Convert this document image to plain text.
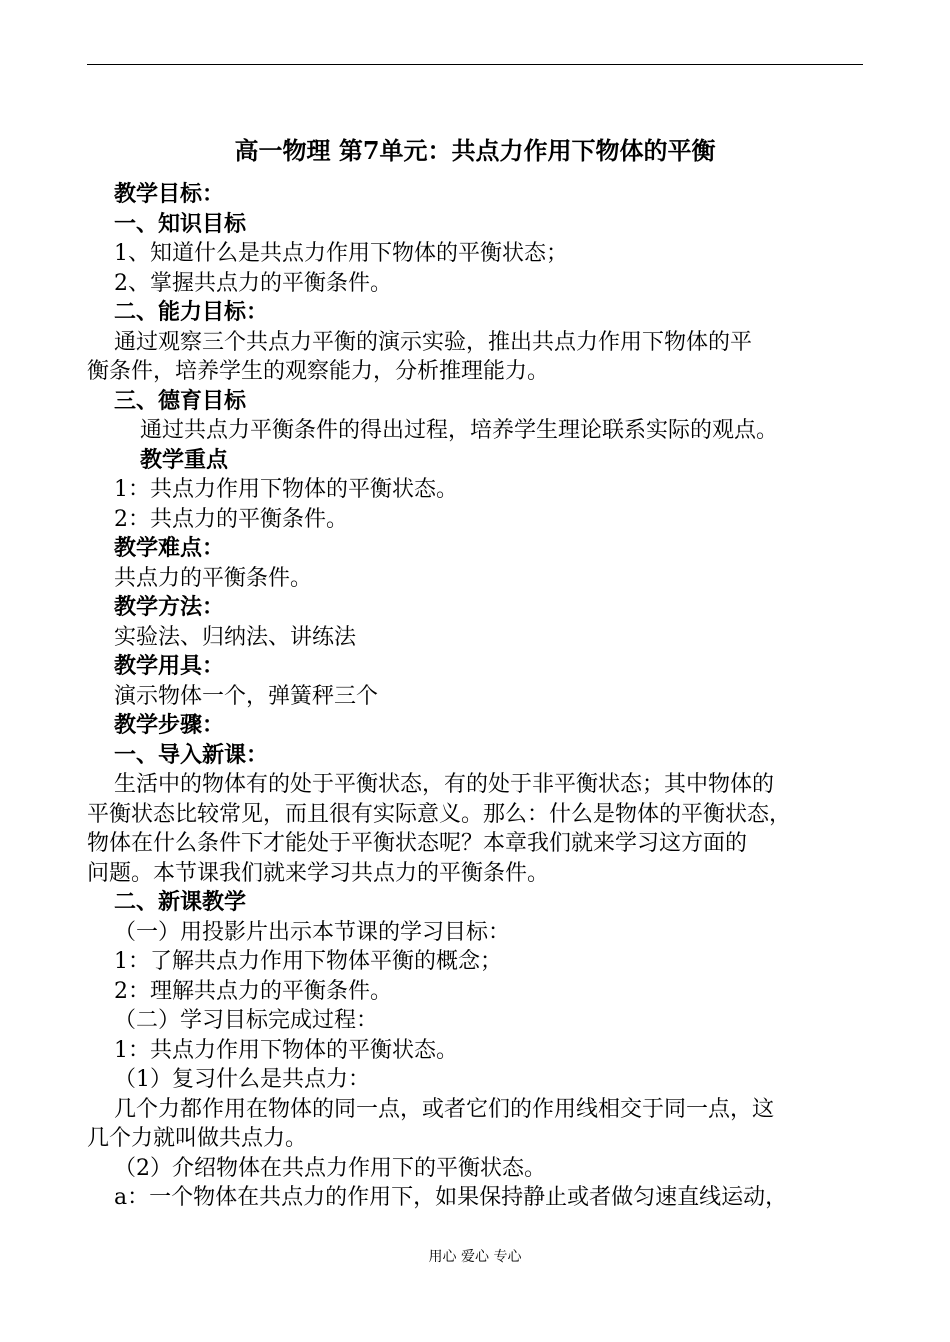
高一物理 第7单元：共点力作用下物体的平衡
教学目标：
一、知识目标
1、知道什么是共点力作用下物体的平衡状态；
2、掌握共点力的平衡条件。
二、能力目标：
通过观察三个共点力平衡的演示实验，推出共点力作用下物体的平
衡条件，培养学生的观察能力，分析推理能力。
三、德育目标
通过共点力平衡条件的得出过程，培养学生理论联系实际的观点。
教学重点
1：共点力作用下物体的平衡状态。
2：共点力的平衡条件。
教学难点：
共点力的平衡条件。
教学方法：
实验法、归纳法、讲练法
教学用具：
演示物体一个，弹簧秤三个
教学步骤：
一、导入新课：
生活中的物体有的处于平衡状态，有的处于非平衡状态；其中物体的
平衡状态比较常见，而且很有实际意义。那么：什么是物体的平衡状态，
物体在什么条件下才能处于平衡状态呢？本章我们就来学习这方面的
问题。本节课我们就来学习共点力的平衡条件。
二、新课教学
（一）用投影片出示本节课的学习目标：
1：了解共点力作用下物体平衡的概念；
2：理解共点力的平衡条件。
（二）学习目标完成过程：
1：共点力作用下物体的平衡状态。
（1）复习什么是共点力：
几个力都作用在物体的同一点，或者它们的作用线相交于同一点，这
几个力就叫做共点力。
（2）介绍物体在共点力作用下的平衡状态。
a：一个物体在共点力的作用下，如果保持静止或者做匀速直线运动，
用心 爱心 专心
